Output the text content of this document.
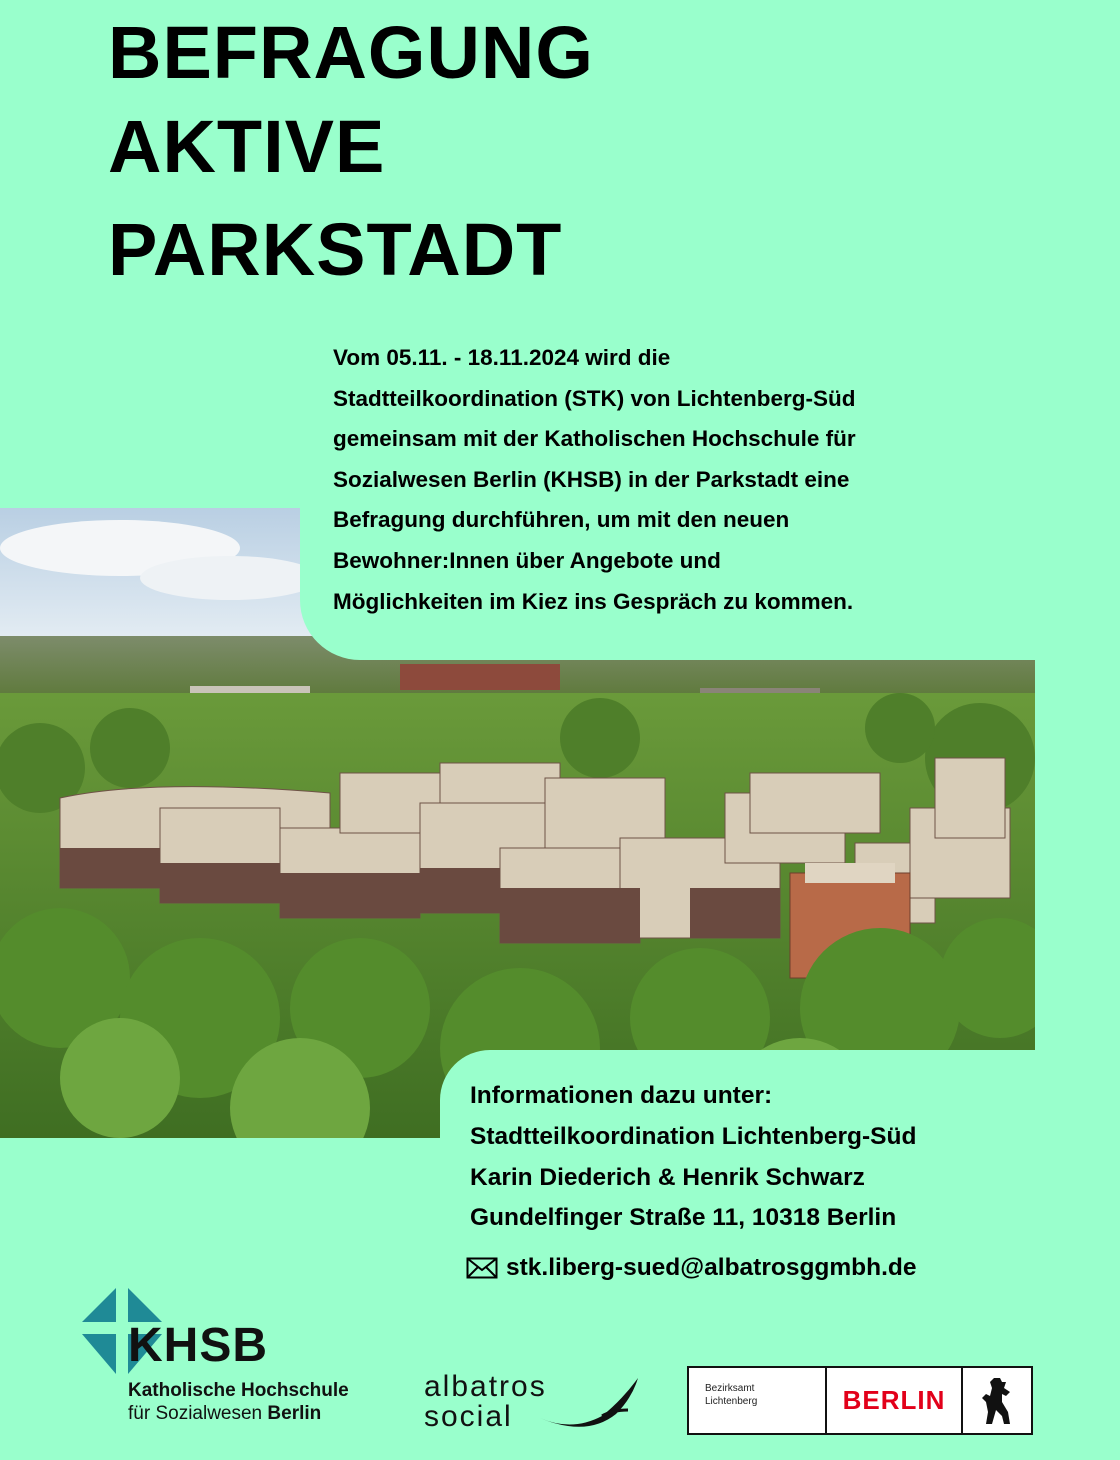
BEFRAGUNG
AKTIVE
PARKSTADT
Vom 05.11. - 18.11.2024 wird die
Stadtteilkoordination (STK) von Lichtenberg-Süd
gemeinsam mit der Katholischen Hochschule für
Sozialwesen Berlin (KHSB) in der Parkstadt eine
Befragung durchführen, um mit den neuen
Bewohner:Innen über Angebote und
Möglichkeiten im Kiez ins Gespräch zu kommen.
Informationen dazu unter:
Stadtteilkoordination Lichtenberg-Süd
Karin Diederich & Henrik Schwarz
Gundelfinger Straße 11, 10318 Berlin
stk.liberg-sued@albatrosggmbh.de
KHSB
Katholische Hochschule
für Sozialwesen Berlin
albatros
social
Bezirksamt
Lichtenberg	BERLIN
